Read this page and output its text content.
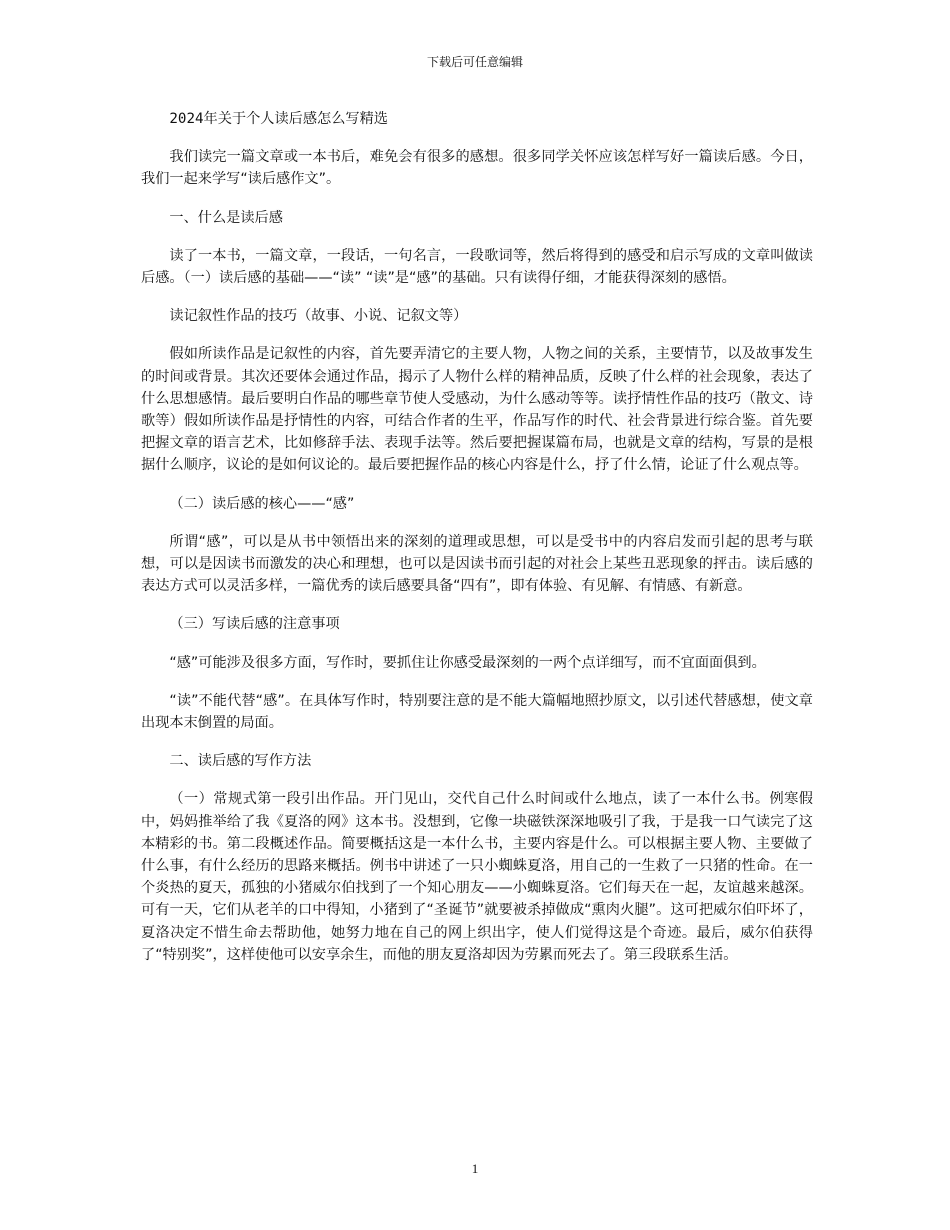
下载后可任意编辑

2024年关于个人读后感怎么写精选

我们读完一篇文章或一本书后，难免会有很多的感想。很多同学关怀应该怎样写好一篇读后感。今日，我们一起来学写“读后感作文”。

一、什么是读后感

读了一本书，一篇文章，一段话，一句名言，一段歌词等，然后将得到的感受和启示写成的文章叫做读后感。（一）读后感的基础——“读” “读”是“感”的基础。只有读得仔细，才能获得深刻的感悟。

读记叙性作品的技巧（故事、小说、记叙文等）

假如所读作品是记叙性的内容，首先要弄清它的主要人物，人物之间的关系，主要情节，以及故事发生的时间或背景。其次还要体会通过作品，揭示了人物什么样的精神品质，反映了什么样的社会现象，表达了什么思想感情。最后要明白作品的哪些章节使人受感动，为什么感动等等。读抒情性作品的技巧（散文、诗歌等）假如所读作品是抒情性的内容，可结合作者的生平，作品写作的时代、社会背景进行综合鉴。首先要把握文章的语言艺术，比如修辞手法、表现手法等。然后要把握谋篇布局，也就是文章的结构，写景的是根据什么顺序，议论的是如何议论的。最后要把握作品的核心内容是什么，抒了什么情，论证了什么观点等。

（二）读后感的核心——“感”

所谓“感”，可以是从书中领悟出来的深刻的道理或思想，可以是受书中的内容启发而引起的思考与联想，可以是因读书而激发的决心和理想，也可以是因读书而引起的对社会上某些丑恶现象的抨击。读后感的表达方式可以灵活多样，一篇优秀的读后感要具备“四有”，即有体验、有见解、有情感、有新意。

（三）写读后感的注意事项

“感”可能涉及很多方面，写作时，要抓住让你感受最深刻的一两个点详细写，而不宜面面俱到。

“读”不能代替“感”。在具体写作时，特别要注意的是不能大篇幅地照抄原文，以引述代替感想，使文章出现本末倒置的局面。

二、读后感的写作方法

（一）常规式第一段引出作品。开门见山，交代自己什么时间或什么地点，读了一本什么书。例寒假中，妈妈推举给了我《夏洛的网》这本书。没想到，它像一块磁铁深深地吸引了我，于是我一口气读完了这本精彩的书。第二段概述作品。简要概括这是一本什么书，主要内容是什么。可以根据主要人物、主要做了什么事，有什么经历的思路来概括。例书中讲述了一只小蜘蛛夏洛，用自己的一生救了一只猪的性命。在一个炎热的夏天，孤独的小猪威尔伯找到了一个知心朋友——小蜘蛛夏洛。它们每天在一起，友谊越来越深。可有一天，它们从老羊的口中得知，小猪到了“圣诞节”就要被杀掉做成“熏肉火腿”。这可把威尔伯吓坏了，夏洛决定不惜生命去帮助他，她努力地在自己的网上织出字，使人们觉得这是个奇迹。最后，威尔伯获得了“特别奖”，这样使他可以安享余生，而他的朋友夏洛却因为劳累而死去了。第三段联系生活。

1
